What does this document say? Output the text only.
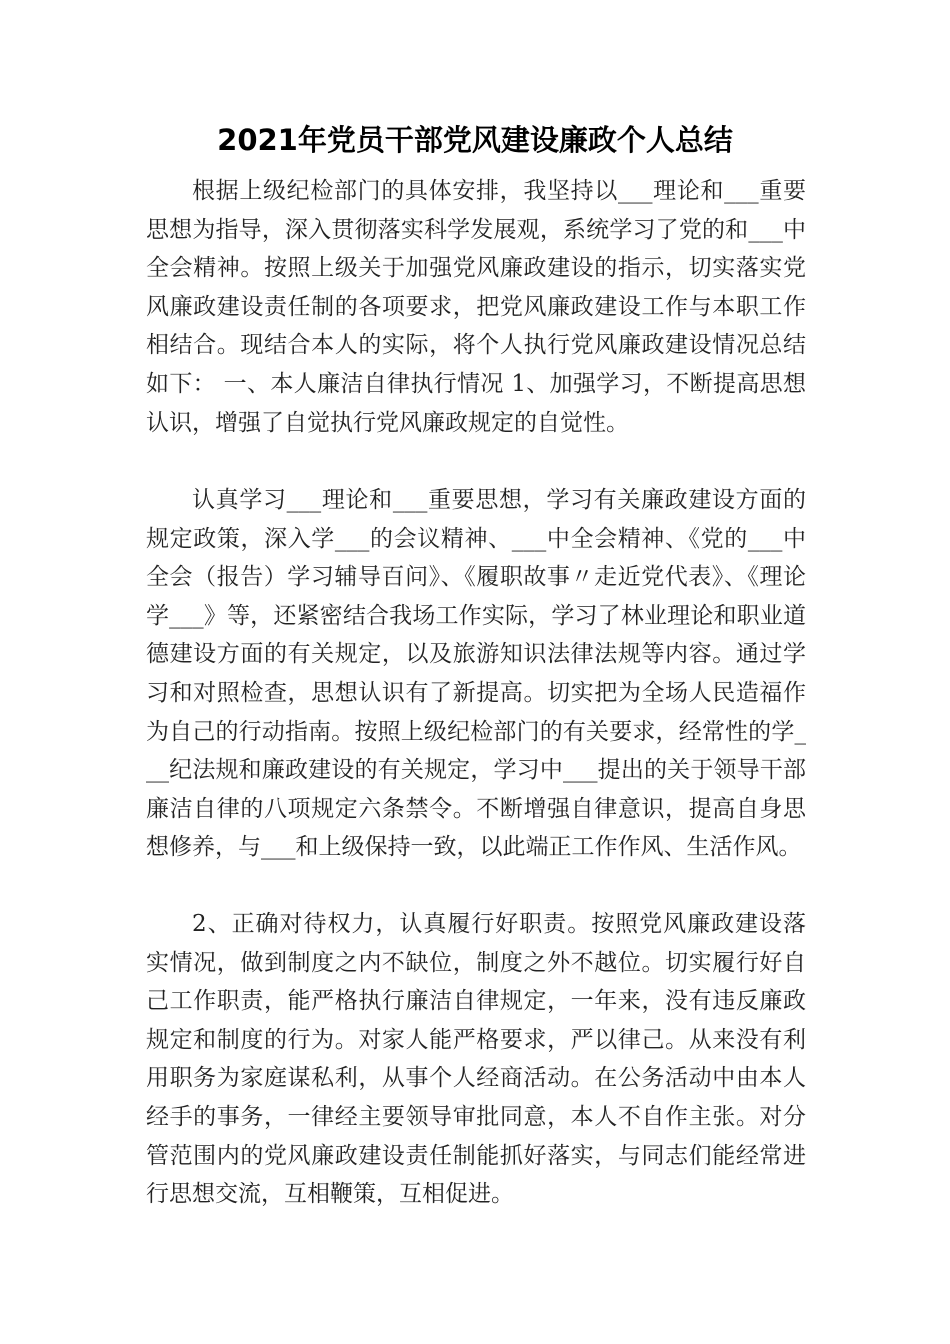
2021年党员干部党风建设廉政个人总结

根据上级纪检部门的具体安排，我坚持以___理论和___重要思想为指导，深入贯彻落实科学发展观，系统学习了党的和___中全会精神。按照上级关于加强党风廉政建设的指示，切实落实党风廉政建设责任制的各项要求，把党风廉政建设工作与本职工作相结合。现结合本人的实际，将个人执行党风廉政建设情况总结如下： 一、本人廉洁自律执行情况 1、加强学习，不断提高思想认识，增强了自觉执行党风廉政规定的自觉性。

认真学习___理论和___重要思想，学习有关廉政建设方面的规定政策，深入学___的会议精神、___中全会精神、《党的___中全会（报告）学习辅导百问》、《履职故事〃走近党代表》、《理论学___》等，还紧密结合我场工作实际，学习了林业理论和职业道德建设方面的有关规定，以及旅游知识法律法规等内容。通过学习和对照检查，思想认识有了新提高。切实把为全场人民造福作为自己的行动指南。按照上级纪检部门的有关要求，经常性的学___纪法规和廉政建设的有关规定，学习中___提出的关于领导干部廉洁自律的八项规定六条禁令。不断增强自律意识，提高自身思想修养，与___和上级保持一致，以此端正工作作风、生活作风。

2、正确对待权力，认真履行好职责。按照党风廉政建设落 实情况，做到制度之内不缺位，制度之外不越位。切实履行好自己工作职责，能严格执行廉洁自律规定，一年来，没有违反廉政规定和制度的行为。对家人能严格要求，严以律己。从来没有利用职务为家庭谋私利，从事个人经商活动。在公务活动中由本人经手的事务，一律经主要领导审批同意，本人不自作主张。对分管范围内的党风廉政建设责任制能抓好落实，与同志们能经常进行思想交流，互相鞭策，互相促进。
